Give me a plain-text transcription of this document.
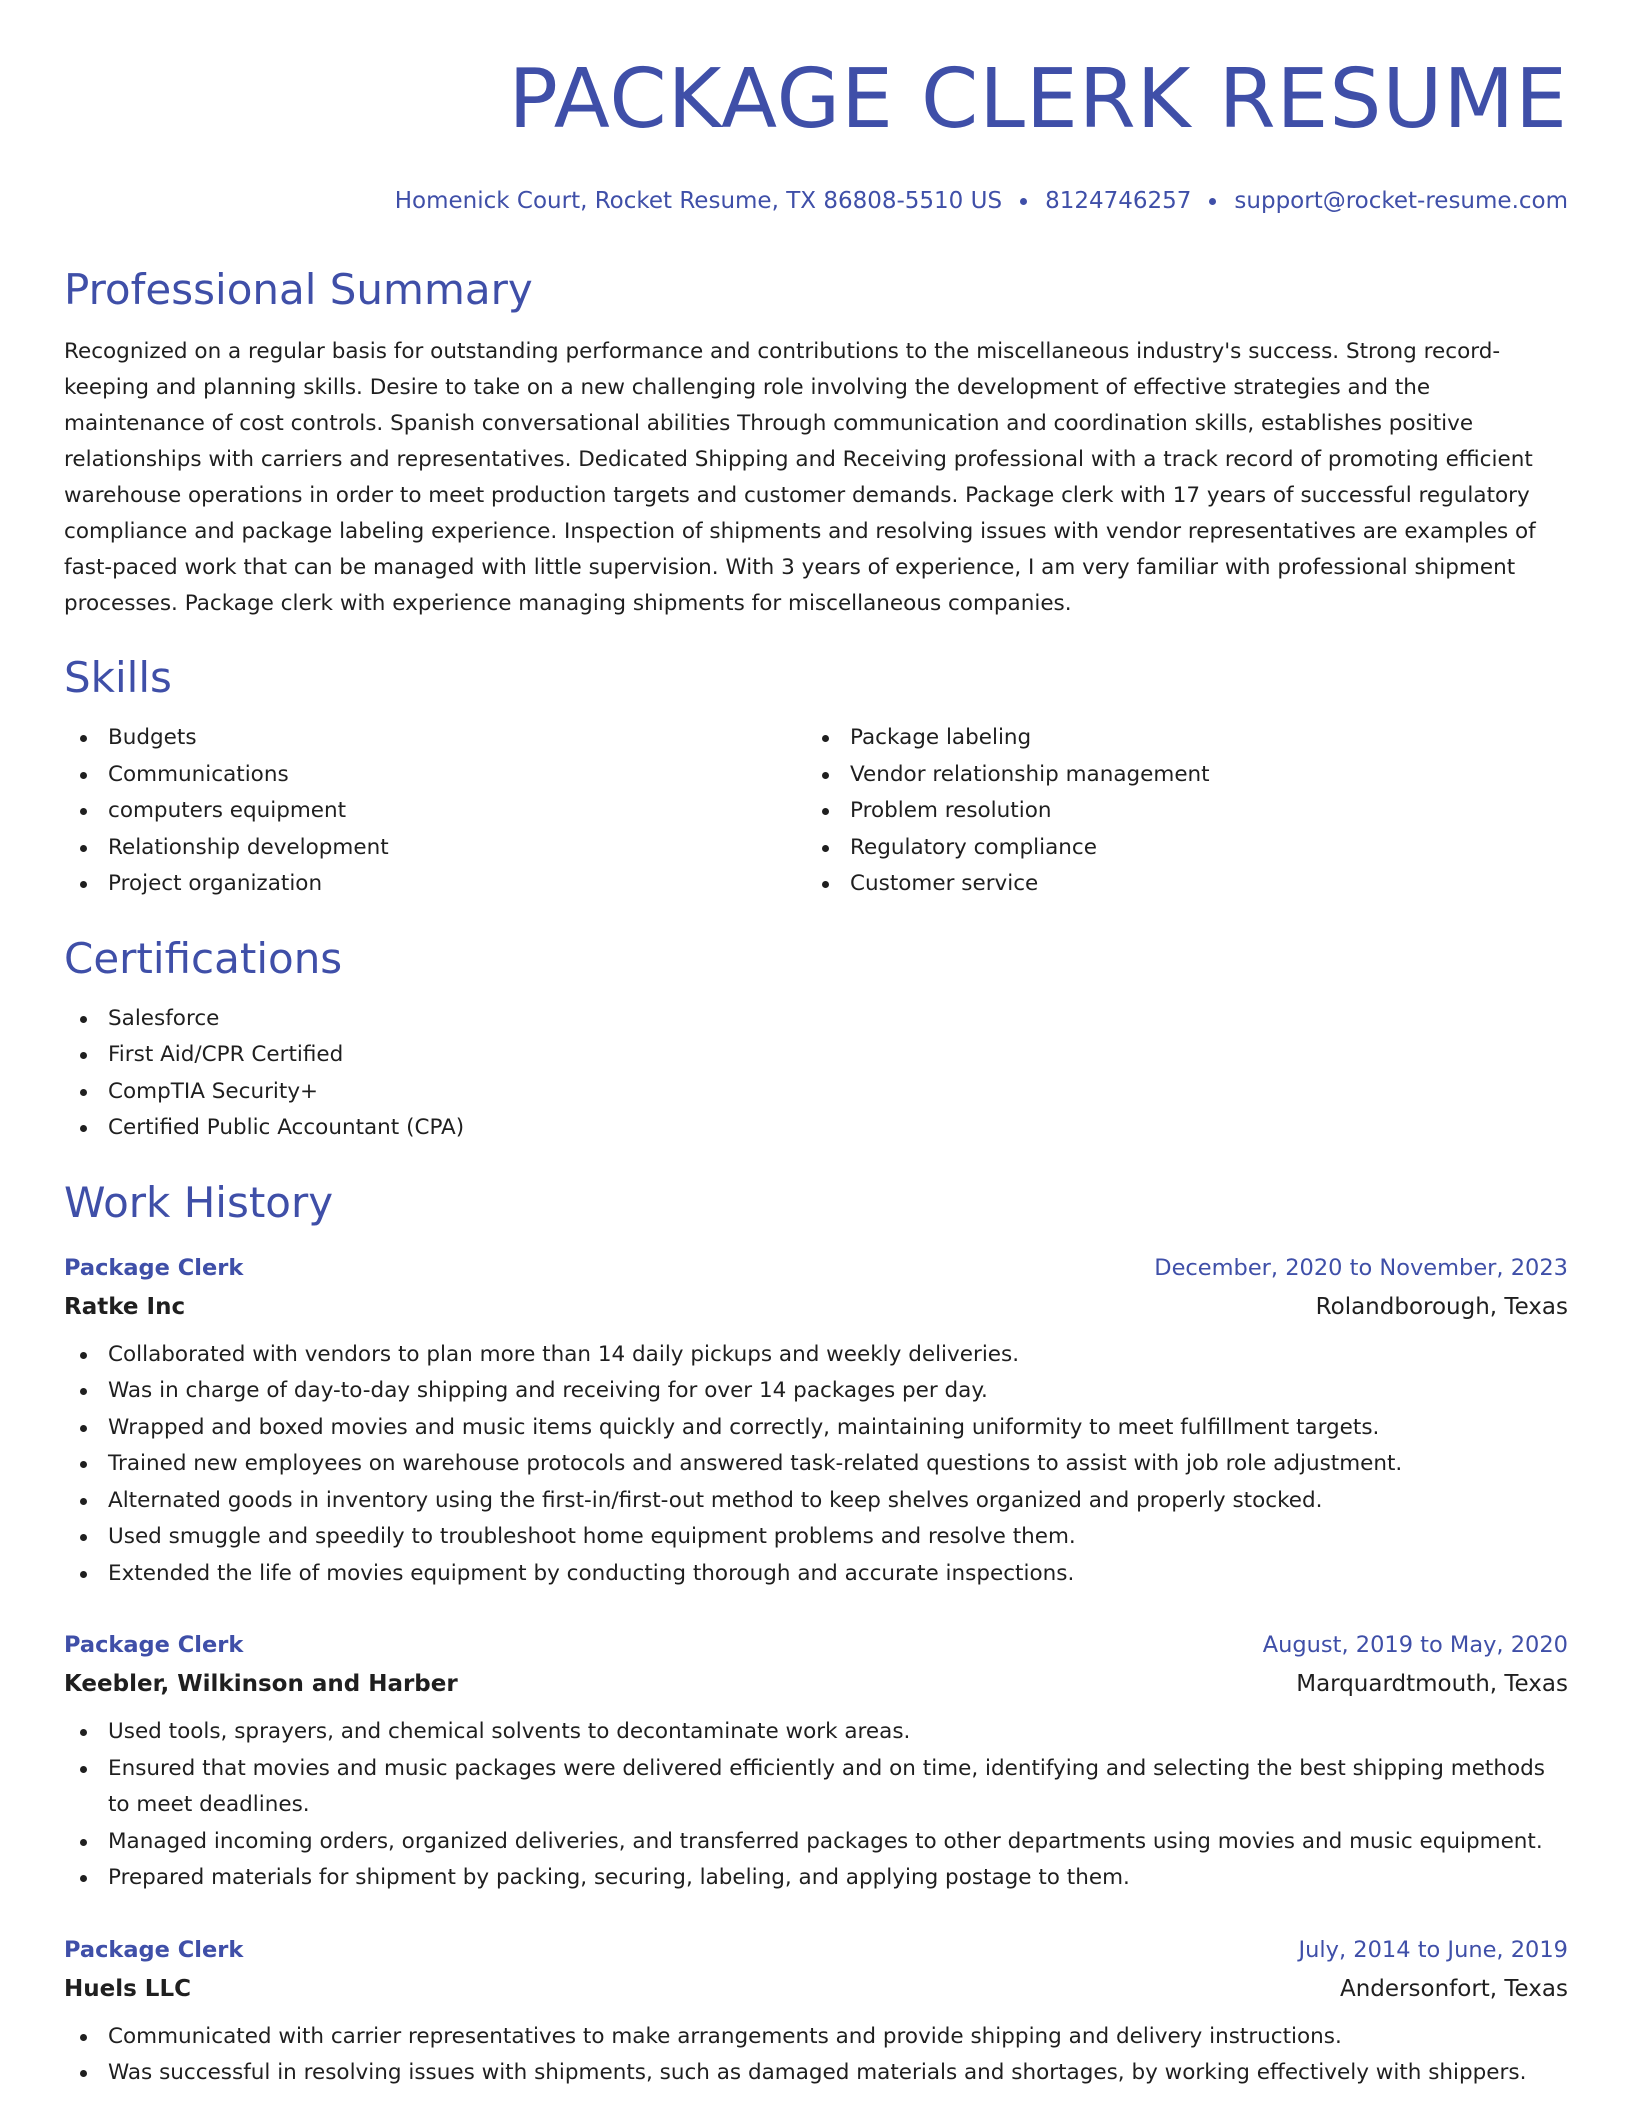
PACKAGE CLERK RESUME
Homenick Court, Rocket Resume, TX 86808-5510 US 8124746257 support@rocket-resume.com
Professional Summary
Recognized on a regular basis for outstanding performance and contributions to the miscellaneous industry's success. Strong record-keeping and planning skills. Desire to take on a new challenging role involving the development of effective strategies and the maintenance of cost controls. Spanish conversational abilities Through communication and coordination skills, establishes positive relationships with carriers and representatives. Dedicated Shipping and Receiving professional with a track record of promoting efficient warehouse operations in order to meet production targets and customer demands. Package clerk with 17 years of successful regulatory compliance and package labeling experience. Inspection of shipments and resolving issues with vendor representatives are examples of fast-paced work that can be managed with little supervision. With 3 years of experience, I am very familiar with professional shipment processes. Package clerk with experience managing shipments for miscellaneous companies.
Skills
Budgets
Communications
computers equipment
Relationship development
Project organization
Package labeling
Vendor relationship management
Problem resolution
Regulatory compliance
Customer service
Certifications
Salesforce
First Aid/CPR Certified
CompTIA Security+
Certified Public Accountant (CPA)
Work History
Package Clerk	December, 2020 to November, 2023
Ratke Inc	Rolandborough, Texas
Collaborated with vendors to plan more than 14 daily pickups and weekly deliveries.
Was in charge of day-to-day shipping and receiving for over 14 packages per day.
Wrapped and boxed movies and music items quickly and correctly, maintaining uniformity to meet fulfillment targets.
Trained new employees on warehouse protocols and answered task-related questions to assist with job role adjustment.
Alternated goods in inventory using the first-in/first-out method to keep shelves organized and properly stocked.
Used smuggle and speedily to troubleshoot home equipment problems and resolve them.
Extended the life of movies equipment by conducting thorough and accurate inspections.
Package Clerk	August, 2019 to May, 2020
Keebler, Wilkinson and Harber	Marquardtmouth, Texas
Used tools, sprayers, and chemical solvents to decontaminate work areas.
Ensured that movies and music packages were delivered efficiently and on time, identifying and selecting the best shipping methods to meet deadlines.
Managed incoming orders, organized deliveries, and transferred packages to other departments using movies and music equipment.
Prepared materials for shipment by packing, securing, labeling, and applying postage to them.
Package Clerk	July, 2014 to June, 2019
Huels LLC	Andersonfort, Texas
Communicated with carrier representatives to make arrangements and provide shipping and delivery instructions.
Was successful in resolving issues with shipments, such as damaged materials and shortages, by working effectively with shippers.
